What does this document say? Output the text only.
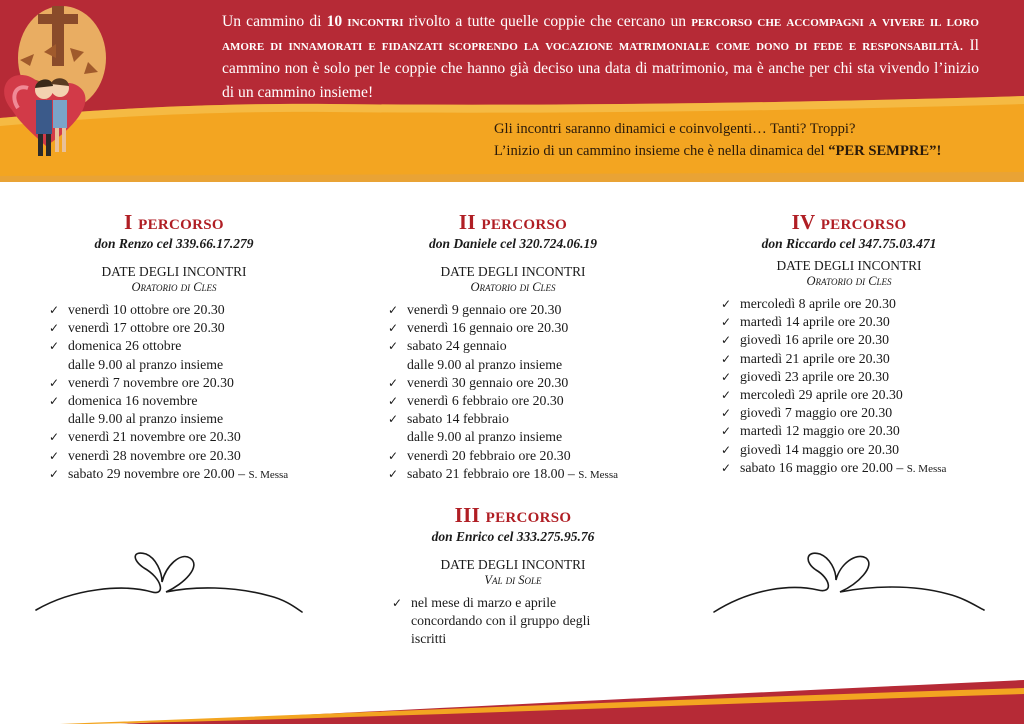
Un cammino di 10 incontri rivolto a tutte quelle coppie che cercano un percorso che accompagni a vivere il loro amore di innamorati e fidanzati scoprendo la vocazione matrimoniale come dono di fede e responsabilità. Il cammino non è solo per le coppie che hanno già deciso una data di matrimonio, ma è anche per chi sta vivendo l’inizio di un cammino insieme!
Gli incontri saranno dinamici e coinvolgenti… Tanti? Troppi?
L’inizio di un cammino insieme che è nella dinamica del “PER SEMPRE”!
I percorso
don Renzo cel 339.66.17.279
DATE DEGLI INCONTRI
Oratorio di Cles
✓ venerdì 10 ottobre ore 20.30
✓ venerdì 17 ottobre ore 20.30
✓ domenica 26 ottobre
dalle 9.00 al pranzo insieme
✓ venerdì 7 novembre ore 20.30
✓ domenica 16 novembre
dalle 9.00 al pranzo insieme
✓ venerdì 21 novembre ore 20.30
✓ venerdì 28 novembre ore 20.30
✓ sabato 29 novembre ore 20.00 – S. Messa
II percorso
don Daniele cel 320.724.06.19
DATE DEGLI INCONTRI
Oratorio di Cles
✓ venerdì 9 gennaio ore 20.30
✓ venerdì 16 gennaio ore 20.30
✓ sabato 24 gennaio
dalle 9.00 al pranzo insieme
✓ venerdì 30 gennaio ore 20.30
✓ venerdì 6 febbraio ore 20.30
✓ sabato 14 febbraio
dalle 9.00 al pranzo insieme
✓ venerdì 20 febbraio ore 20.30
✓ sabato 21 febbraio ore 18.00 – S. Messa
IV percorso
don Riccardo cel 347.75.03.471
DATE DEGLI INCONTRI
Oratorio di Cles
✓ mercoledì 8 aprile ore 20.30
✓ martedì 14 aprile ore 20.30
✓ giovedì 16 aprile ore 20.30
✓ martedì 21 aprile ore 20.30
✓ giovedì 23 aprile ore 20.30
✓ mercoledì 29 aprile ore 20.30
✓ giovedì 7 maggio ore 20.30
✓ martedì 12 maggio ore 20.30
✓ giovedì 14 maggio ore 20.30
✓ sabato 16 maggio ore 20.00 – S. Messa
III percorso
don Enrico cel 333.275.95.76
DATE DEGLI INCONTRI
Val di Sole
✓ nel mese di marzo e aprile concordando con il gruppo degli iscritti
